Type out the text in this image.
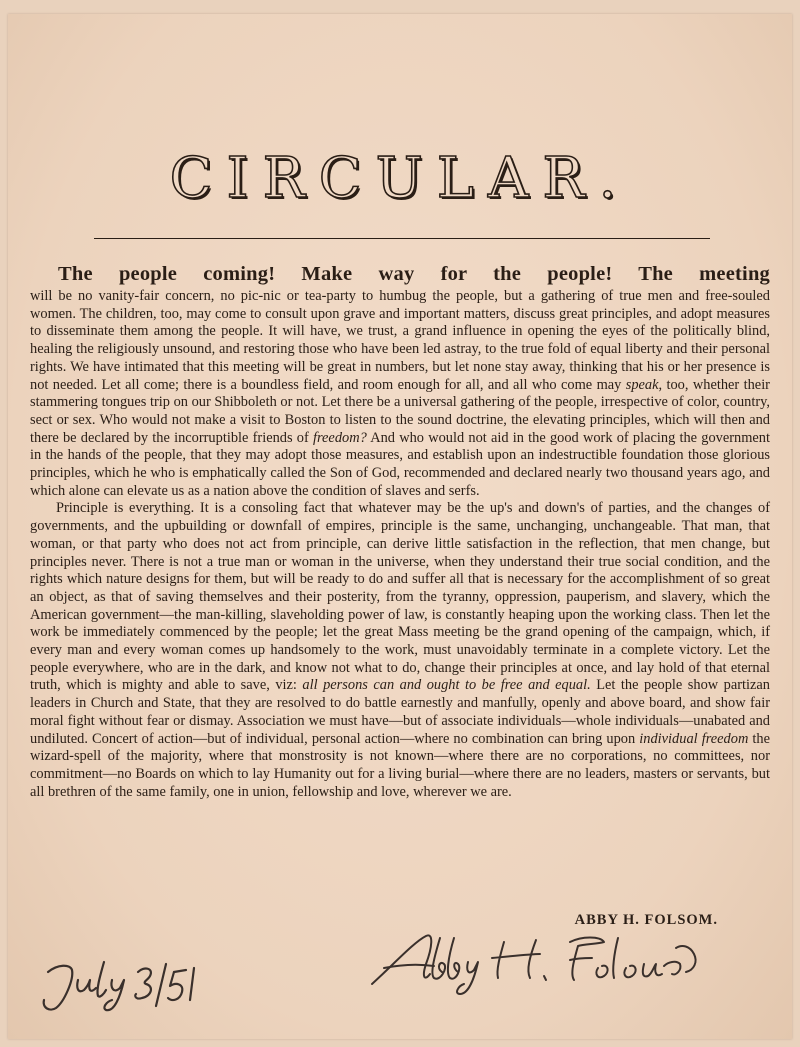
CIRCULAR.
The people coming! Make way for the people! The meeting

will be no vanity-fair concern, no pic-nic or tea-party to humbug the people, but a gathering of true men and free-souled women. The children, too, may come to consult upon grave and important matters, discuss great principles, and adopt measures to disseminate them among the people. It will have, we trust, a grand influence in opening the eyes of the politically blind, healing the religiously unsound, and restoring those who have been led astray, to the true fold of equal liberty and their personal rights. We have intimated that this meeting will be great in numbers, but let none stay away, thinking that his or her presence is not needed. Let all come; there is a boundless field, and room enough for all, and all who come may speak, too, whether their stammering tongues trip on our Shibboleth or not. Let there be a universal gathering of the people, irrespective of color, country, sect or sex. Who would not make a visit to Boston to listen to the sound doctrine, the elevating principles, which will then and there be declared by the incorruptible friends of freedom? And who would not aid in the good work of placing the government in the hands of the people, that they may adopt those measures, and establish upon an indestructible foundation those glorious principles, which he who is emphatically called the Son of God, recommended and declared nearly two thousand years ago, and which alone can elevate us as a nation above the condition of slaves and serfs.

Principle is everything. It is a consoling fact that whatever may be the up's and down's of parties, and the changes of governments, and the upbuilding or downfall of empires, principle is the same, unchanging, unchangeable. That man, that woman, or that party who does not act from principle, can derive little satisfaction in the reflection, that men change, but principles never. There is not a true man or woman in the universe, when they understand their true social condition, and the rights which nature designs for them, but will be ready to do and suffer all that is necessary for the accomplishment of so great an object, as that of saving themselves and their posterity, from the tyranny, oppression, pauperism, and slavery, which the American government—the man-killing, slaveholding power of law, is constantly heaping upon the working class. Then let the work be immediately commenced by the people; let the great Mass meeting be the grand opening of the campaign, which, if every man and every woman comes up handsomely to the work, must unavoidably terminate in a complete victory. Let the people everywhere, who are in the dark, and know not what to do, change their principles at once, and lay hold of that eternal truth, which is mighty and able to save, viz: all persons can and ought to be free and equal. Let the people show partizan leaders in Church and State, that they are resolved to do battle earnestly and manfully, openly and above board, and show fair moral fight without fear or dismay. Association we must have—but of associate individuals—whole individuals—unabated and undiluted. Concert of action—but of individual, personal action—where no combination can bring upon individual freedom the wizard-spell of the majority, where that monstrosity is not known—where there are no corporations, no committees, nor commitment—no Boards on which to lay Humanity out for a living burial—where there are no leaders, masters or servants, but all brethren of the same family, one in union, fellowship and love, wherever we are.

ABBY H. FOLSOM.
